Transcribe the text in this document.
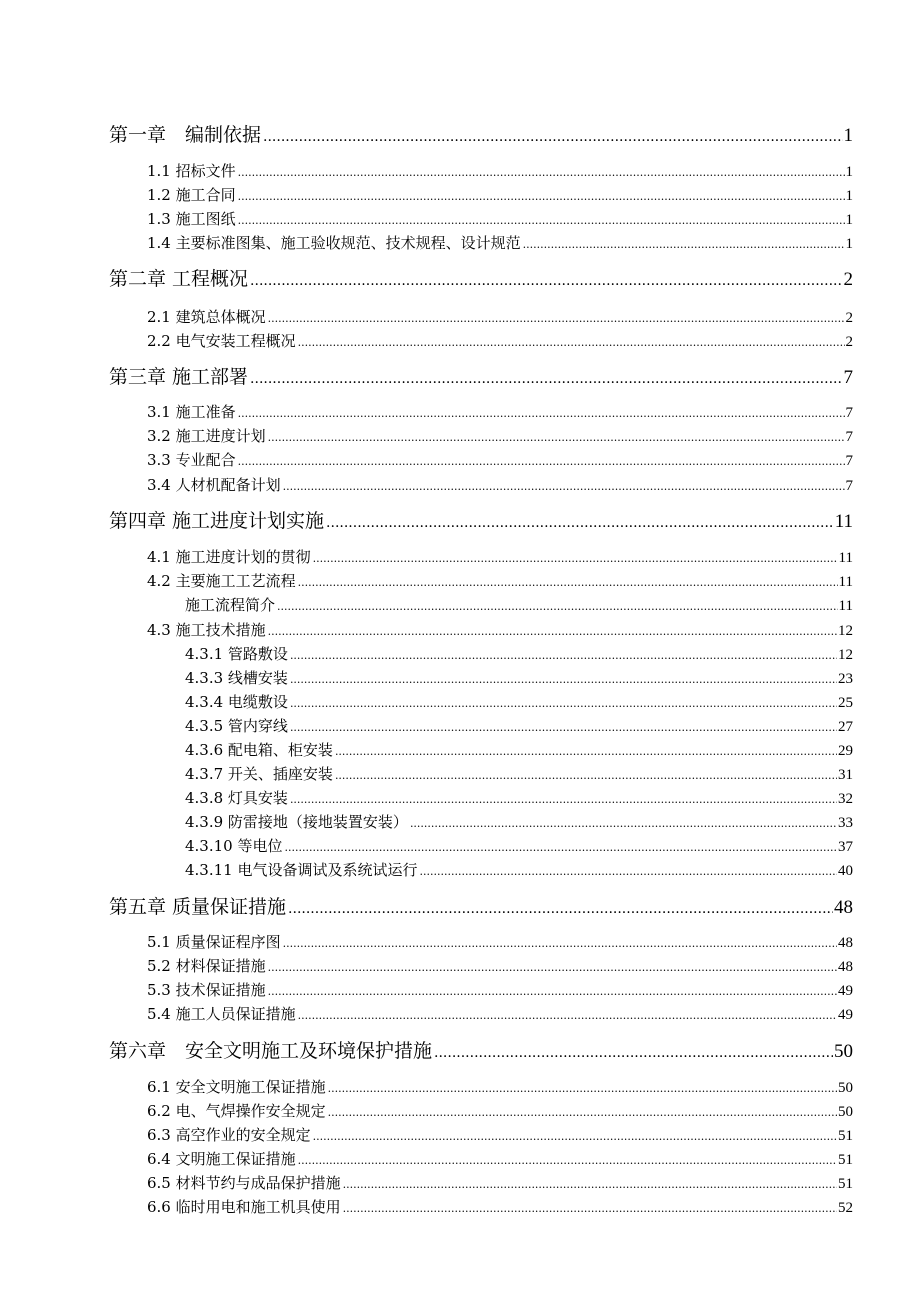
第一章　编制依据 .....	1
1.1 招标文件 .....	1
1.2 施工合同 .....	1
1.3 施工图纸 .....	1
1.4 主要标准图集、施工验收规范、技术规程、设计规范 .....	1
第二章 工程概况 .....	2
2.1 建筑总体概况 .....	2
2.2 电气安装工程概况 .....	2
第三章 施工部署 .....	7
3.1 施工准备 .....	7
3.2 施工进度计划 .....	7
3.3 专业配合 .....	7
3.4 人材机配备计划 .....	7
第四章 施工进度计划实施 .....	11
4.1 施工进度计划的贯彻 .....	11
4.2 主要施工工艺流程 .....	11
施工流程简介 .....	11
4.3 施工技术措施 .....	12
4.3.1 管路敷设 .....	12
4.3.3 线槽安装 .....	23
4.3.4 电缆敷设 .....	25
4.3.5 管内穿线 .....	27
4.3.6 配电箱、柜安装 .....	29
4.3.7 开关、插座安装 .....	31
4.3.8 灯具安装 .....	32
4.3.9 防雷接地（接地装置安装） .....	33
4.3.10 等电位 .....	37
4.3.11 电气设备调试及系统试运行 .....	40
第五章 质量保证措施 .....	48
5.1 质量保证程序图 .....	48
5.2 材料保证措施 .....	48
5.3 技术保证措施 .....	49
5.4 施工人员保证措施 .....	49
第六章　安全文明施工及环境保护措施 .....	50
6.1 安全文明施工保证措施 .....	50
6.2 电、气焊操作安全规定 .....	50
6.3 高空作业的安全规定 .....	51
6.4 文明施工保证措施 .....	51
6.5 材料节约与成品保护措施 .....	51
6.6 临时用电和施工机具使用 .....	52
